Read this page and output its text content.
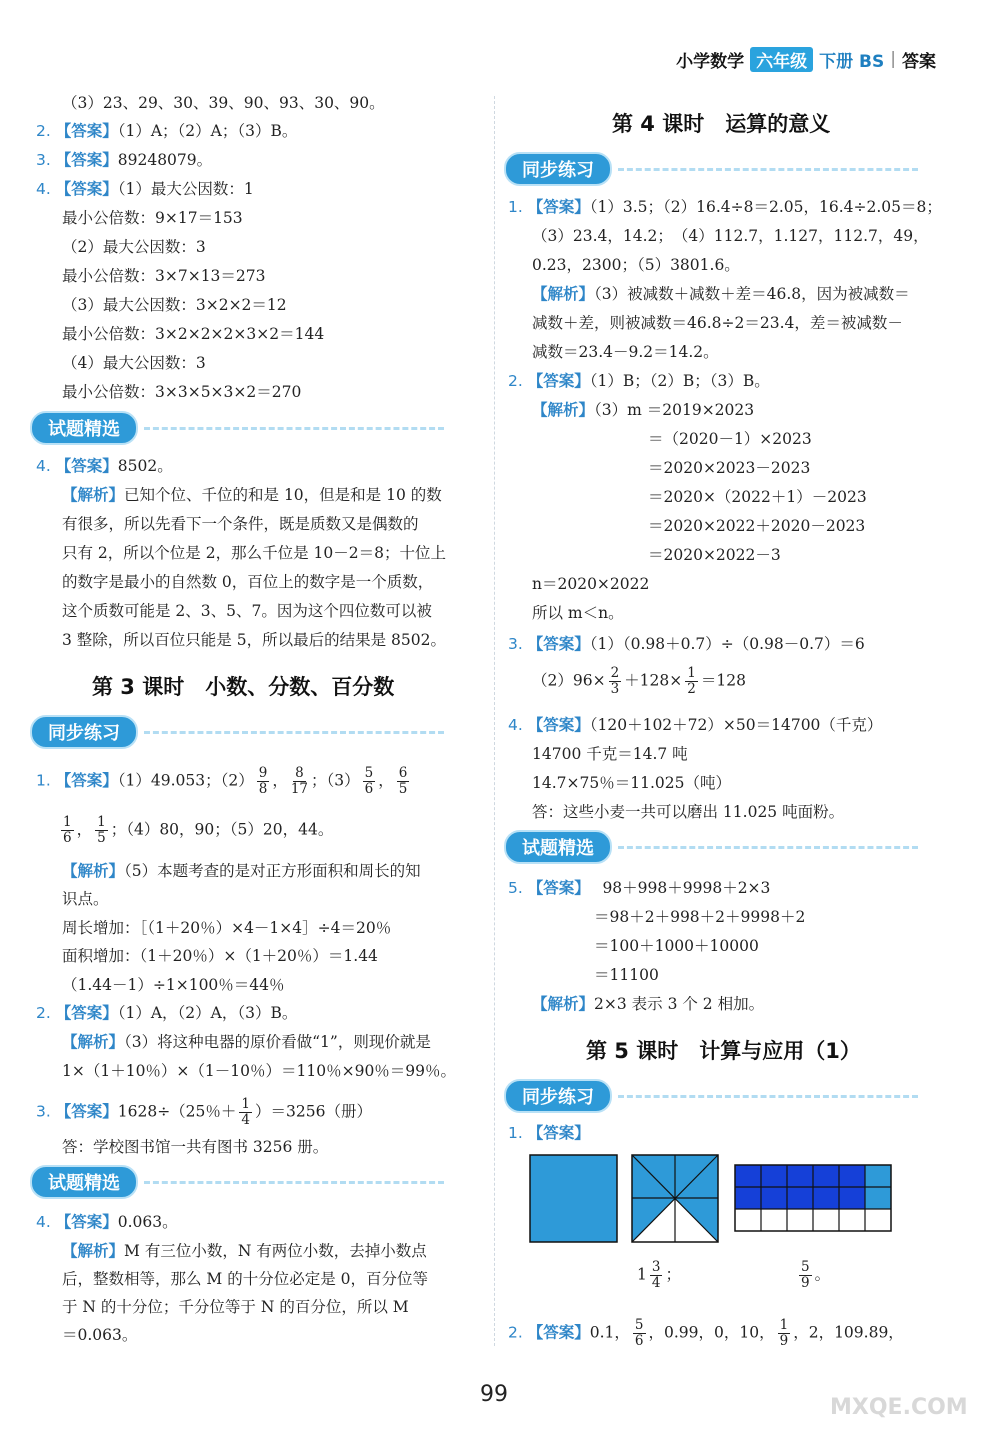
小学数学 六年级 下册 BS | 答案
（3）23、29、30、39、90、93、30、90。
2. 【答案】（1）A；（2）A；（3）B。
3. 【答案】89248079。
4. 【答案】（1）最大公因数：1
最小公倍数：9×17＝153
（2）最大公因数：3
最小公倍数：3×7×13＝273
（3）最大公因数：3×2×2＝12
最小公倍数：3×2×2×2×3×2＝144
（4）最大公因数：3
最小公倍数：3×3×5×3×2＝270
试题精选
4. 【答案】8502。
【解析】已知个位、千位的和是 10，但是和是 10 的数
有很多，所以先看下一个条件，既是质数又是偶数的
只有 2，所以个位是 2，那么千位是 10－2＝8；十位上
的数字是最小的自然数 0，百位上的数字是一个质数，
这个质数可能是 2、3、5、7。因为这个四位数可以被
3 整除，所以百位只能是 5，所以最后的结果是 8502。
第 3 课时　小数、分数、百分数
同步练习
1. 【答案】（1）49.053；$(2) \frac{9}{8}$ ， $\frac{8}{17}$ ；$(3) \frac{5}{6}$ ， $\frac{6}{5}$
$\frac{1}{6}$ ， $\frac{1}{5}$ ；（4）80，90；（5）20，44。
【解析】（5）本题考查的是对正方形面积和周长的知
识点。
周长增加：［（1＋20％）×4－1×4］÷4＝20％
面积增加：（1＋20％）×（1＋20％）＝1.44
（1.44－1）÷1×100％＝44％
2. 【答案】（1）A，（2）A，（3）B。
【解析】（3）将这种电器的原价看做“1”，则现价就是
1×（1＋10％）×（1－10％）＝110％×90％＝99％。
3. 【答案】1628÷（25％＋ $\frac{1}{4} )=3256$（册）
答：学校图书馆一共有图书 3256 册。
试题精选
4. 【答案】0.063。
【解析】M 有三位小数，N 有两位小数，去掉小数点
后，整数相等，那么 M 的十分位必定是 0，百分位等
于 N 的十分位；千分位等于 N 的百分位，所以 M
＝0.063。
第 4 课时　运算的意义
同步练习
1. 【答案】（1）3.5；（2）16.4÷8＝2.05，16.4÷2.05＝8；
（3）23.4，14.2；　（4）112.7，1.127，112.7，49，
0.23，2300；（5）3801.6。
【解析】（3）被减数＋减数＋差＝46.8，因为被减数＝
减数＋差，则被减数＝46.8÷2＝23.4，差＝被减数－
减数＝23.4－9.2＝14.2。
2. 【答案】（1）B；（2）B；（3）B。
【解析】（3）m ＝2019×2023
＝（2020－1）×2023
＝2020×2023－2023
＝2020×（2022＋1）－2023
＝2020×2022＋2020－2023
＝2020×2022－3
n＝2020×2022
所以 m＜n。
3. 【答案】（1）（0.98＋0.7）÷（0.98－0.7）＝6
$(2)96\times \frac{2}{3} +128\times \frac{1}{2} =128$
4. 【答案】（120＋102＋72）×50＝14700（千克）
14700 千克＝14.7 吨
14.7×75％＝11.025（吨）
答：这些小麦一共可以磨出 11.025 吨面粉。
试题精选
5. 【答案】　 98＋998＋9998＋2×3
＝98＋2＋998＋2＋9998＋2
＝100＋1000＋10000
＝11100
【解析】2×3 表示 3 个 2 相加。
第 5 课时　计算与应用（1）
同步练习
1. 【答案】
$1 \frac{3}{4}$ ；	$\frac{5}{9}$ 。
2. 【答案】0.1， $\frac{5}{6}$ ，0.99，0，10， $\frac{1}{9}$ ，2，109.89，
99
MXQE.COM
